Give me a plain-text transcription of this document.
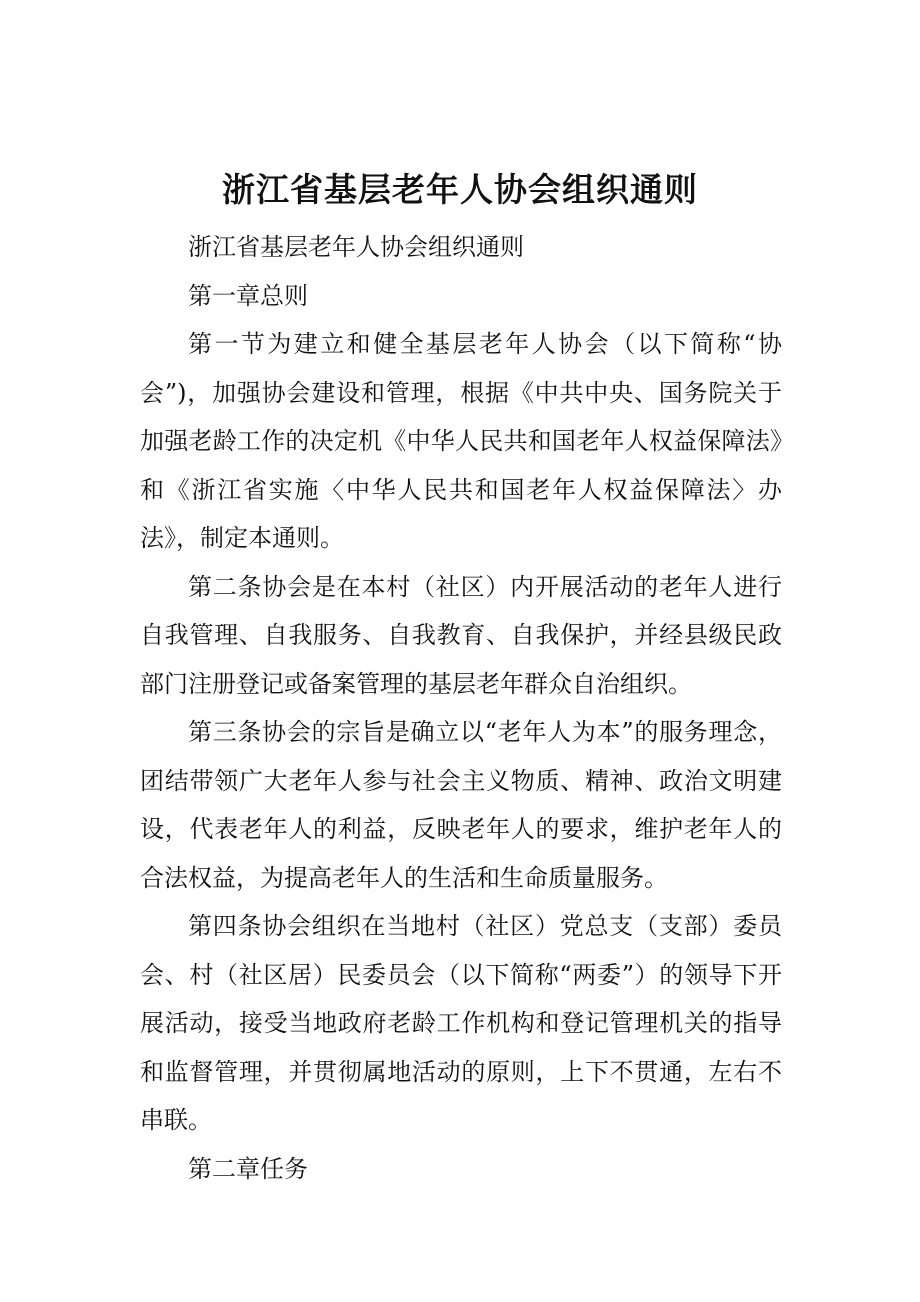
浙江省基层老年人协会组织通则

浙江省基层老年人协会组织通则

第一章总则

第一节为建立和健全基层老年人协会（以下简称“协会”)，加强协会建设和管理，根据《中共中央、国务院关于加强老龄工作的决定机《中华人民共和国老年人权益保障法》和《浙江省实施〈中华人民共和国老年人权益保障法〉办法》，制定本通则。

第二条协会是在本村（社区）内开展活动的老年人进行自我管理、自我服务、自我教育、自我保护，并经县级民政部门注册登记或备案管理的基层老年群众自治组织。

第三条协会的宗旨是确立以“老年人为本”的服务理念，团结带领广大老年人参与社会主义物质、精神、政治文明建设，代表老年人的利益，反映老年人的要求，维护老年人的合法权益，为提高老年人的生活和生命质量服务。

第四条协会组织在当地村（社区）党总支（支部）委员会、村（社区居）民委员会（以下简称“两委”）的领导下开展活动，接受当地政府老龄工作机构和登记管理机关的指导和监督管理，并贯彻属地活动的原则，上下不贯通，左右不串联。

第二章任务
